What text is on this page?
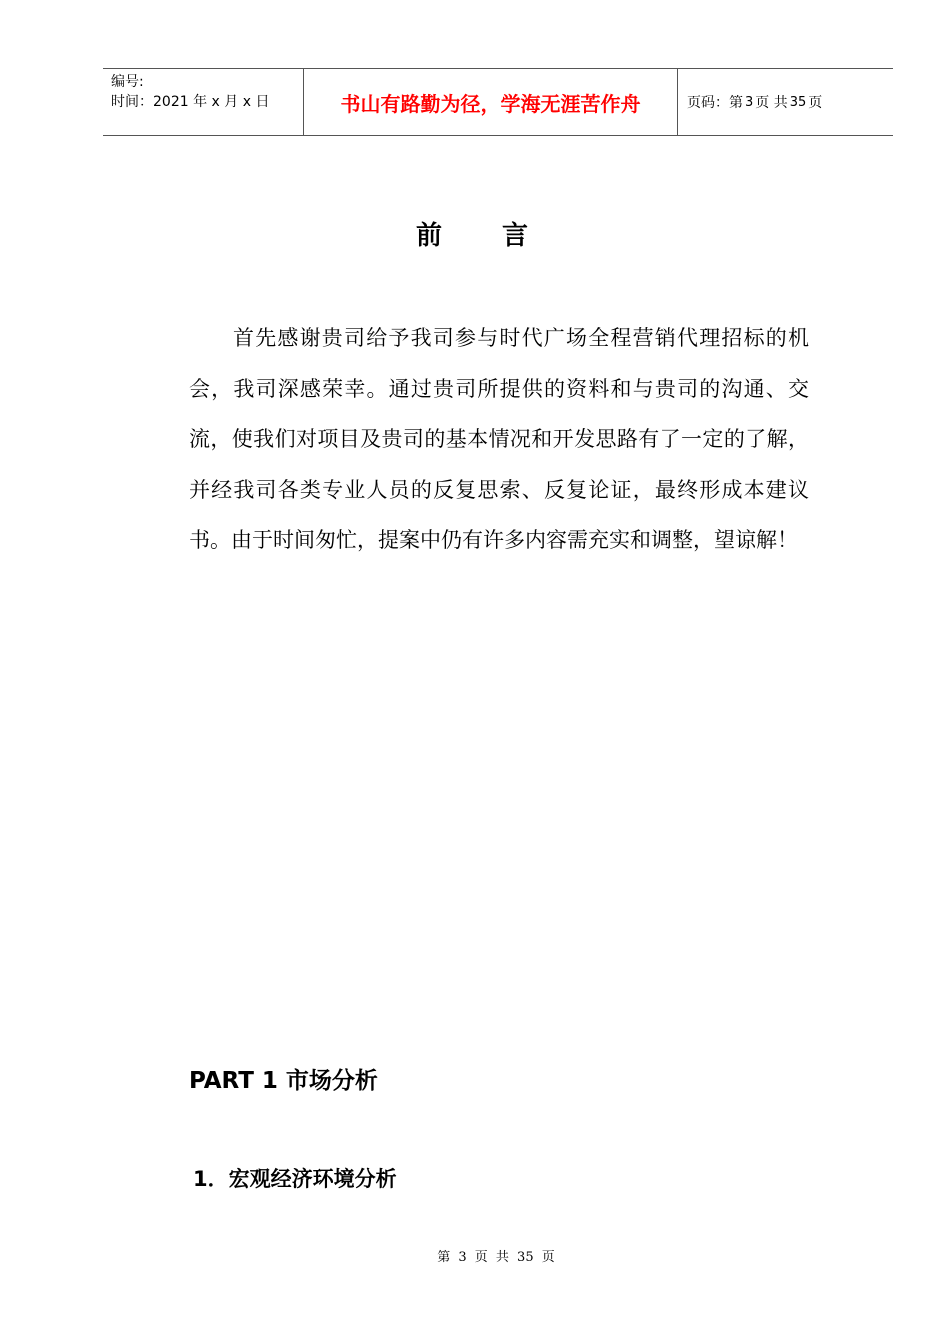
编号:
时间：2021 年 x 月 x 日	书山有路勤为径，学海无涯苦作舟	页码：第 3 页 共 35 页
前言

首先感谢贵司给予我司参与时代广场全程营销代理招标的机会，我司深感荣幸。通过贵司所提供的资料和与贵司的沟通、交流，使我们对项目及贵司的基本情况和开发思路有了一定的了解，并经我司各类专业人员的反复思索、反复论证，最终形成本建议书。由于时间匆忙，提案中仍有许多内容需充实和调整，望谅解！

PART 1 市场分析
1．宏观经济环境分析
第 3 页 共 35 页
